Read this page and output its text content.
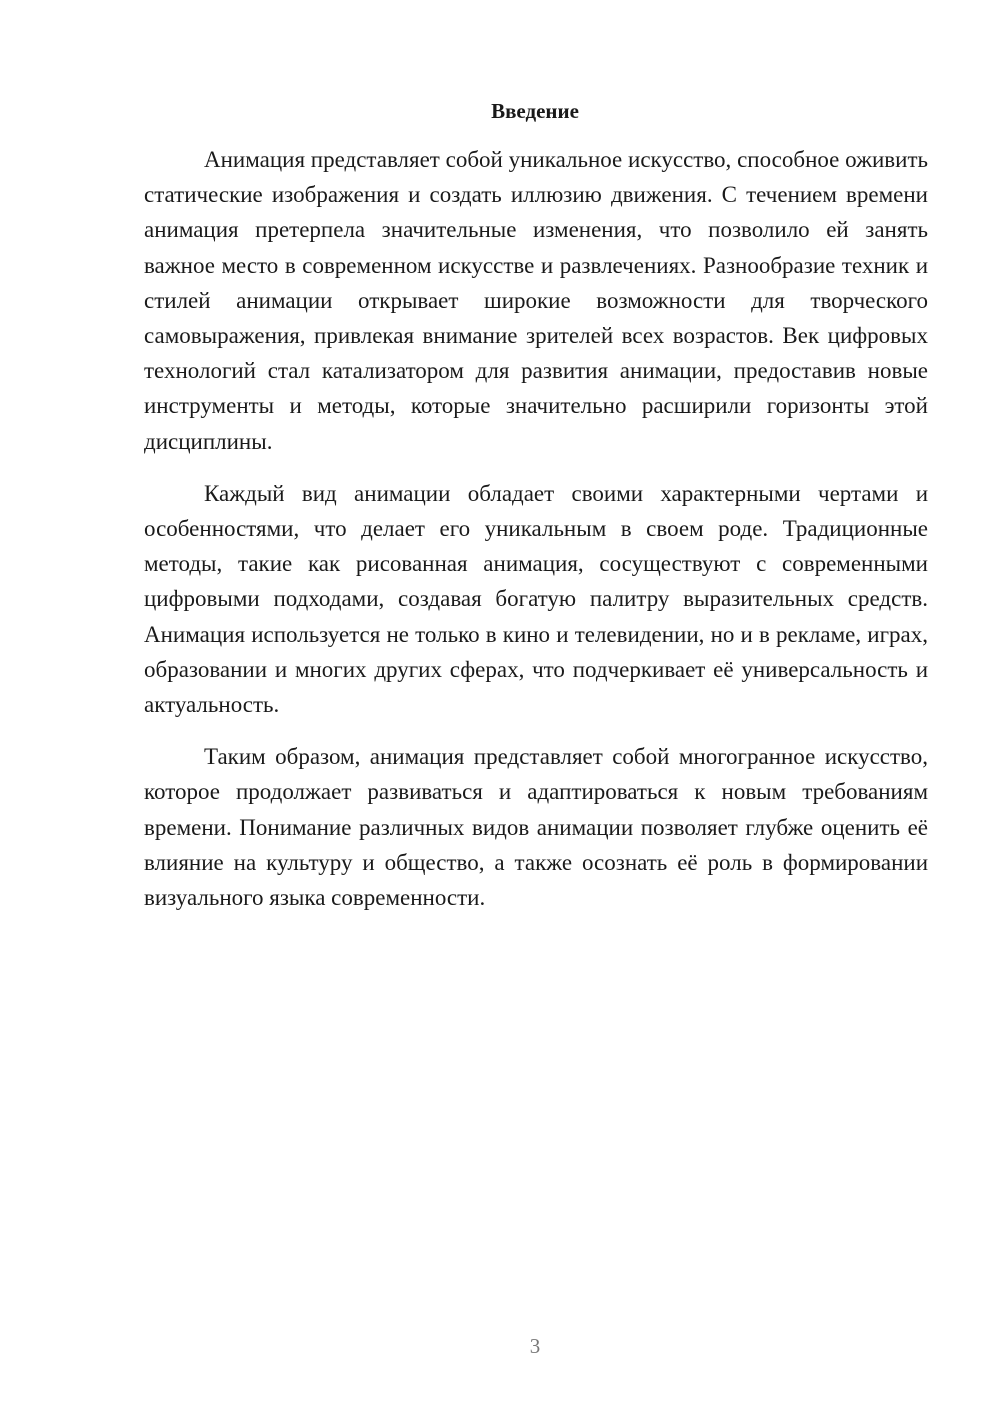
Введение

Анимация представляет собой уникальное искусство, способное оживить статические изображения и создать иллюзию движения. С течением времени анимация претерпела значительные изменения, что позволило ей занять важное место в современном искусстве и развлечениях. Разнообразие техник и стилей анимации открывает широкие возможности для творческого самовыражения, привлекая внимание зрителей всех возрастов. Век цифровых технологий стал катализатором для развития анимации, предоставив новые инструменты и методы, которые значительно расширили горизонты этой дисциплины.

Каждый вид анимации обладает своими характерными чертами и особенностями, что делает его уникальным в своем роде. Традиционные методы, такие как рисованная анимация, сосуществуют с современными цифровыми подходами, создавая богатую палитру выразительных средств. Анимация используется не только в кино и телевидении, но и в рекламе, играх, образовании и многих других сферах, что подчеркивает её универсальность и актуальность.

Таким образом, анимация представляет собой многогранное искусство, которое продолжает развиваться и адаптироваться к новым требованиям времени. Понимание различных видов анимации позволяет глубже оценить её влияние на культуру и общество, а также осознать её роль в формировании визуального языка современности.

3
